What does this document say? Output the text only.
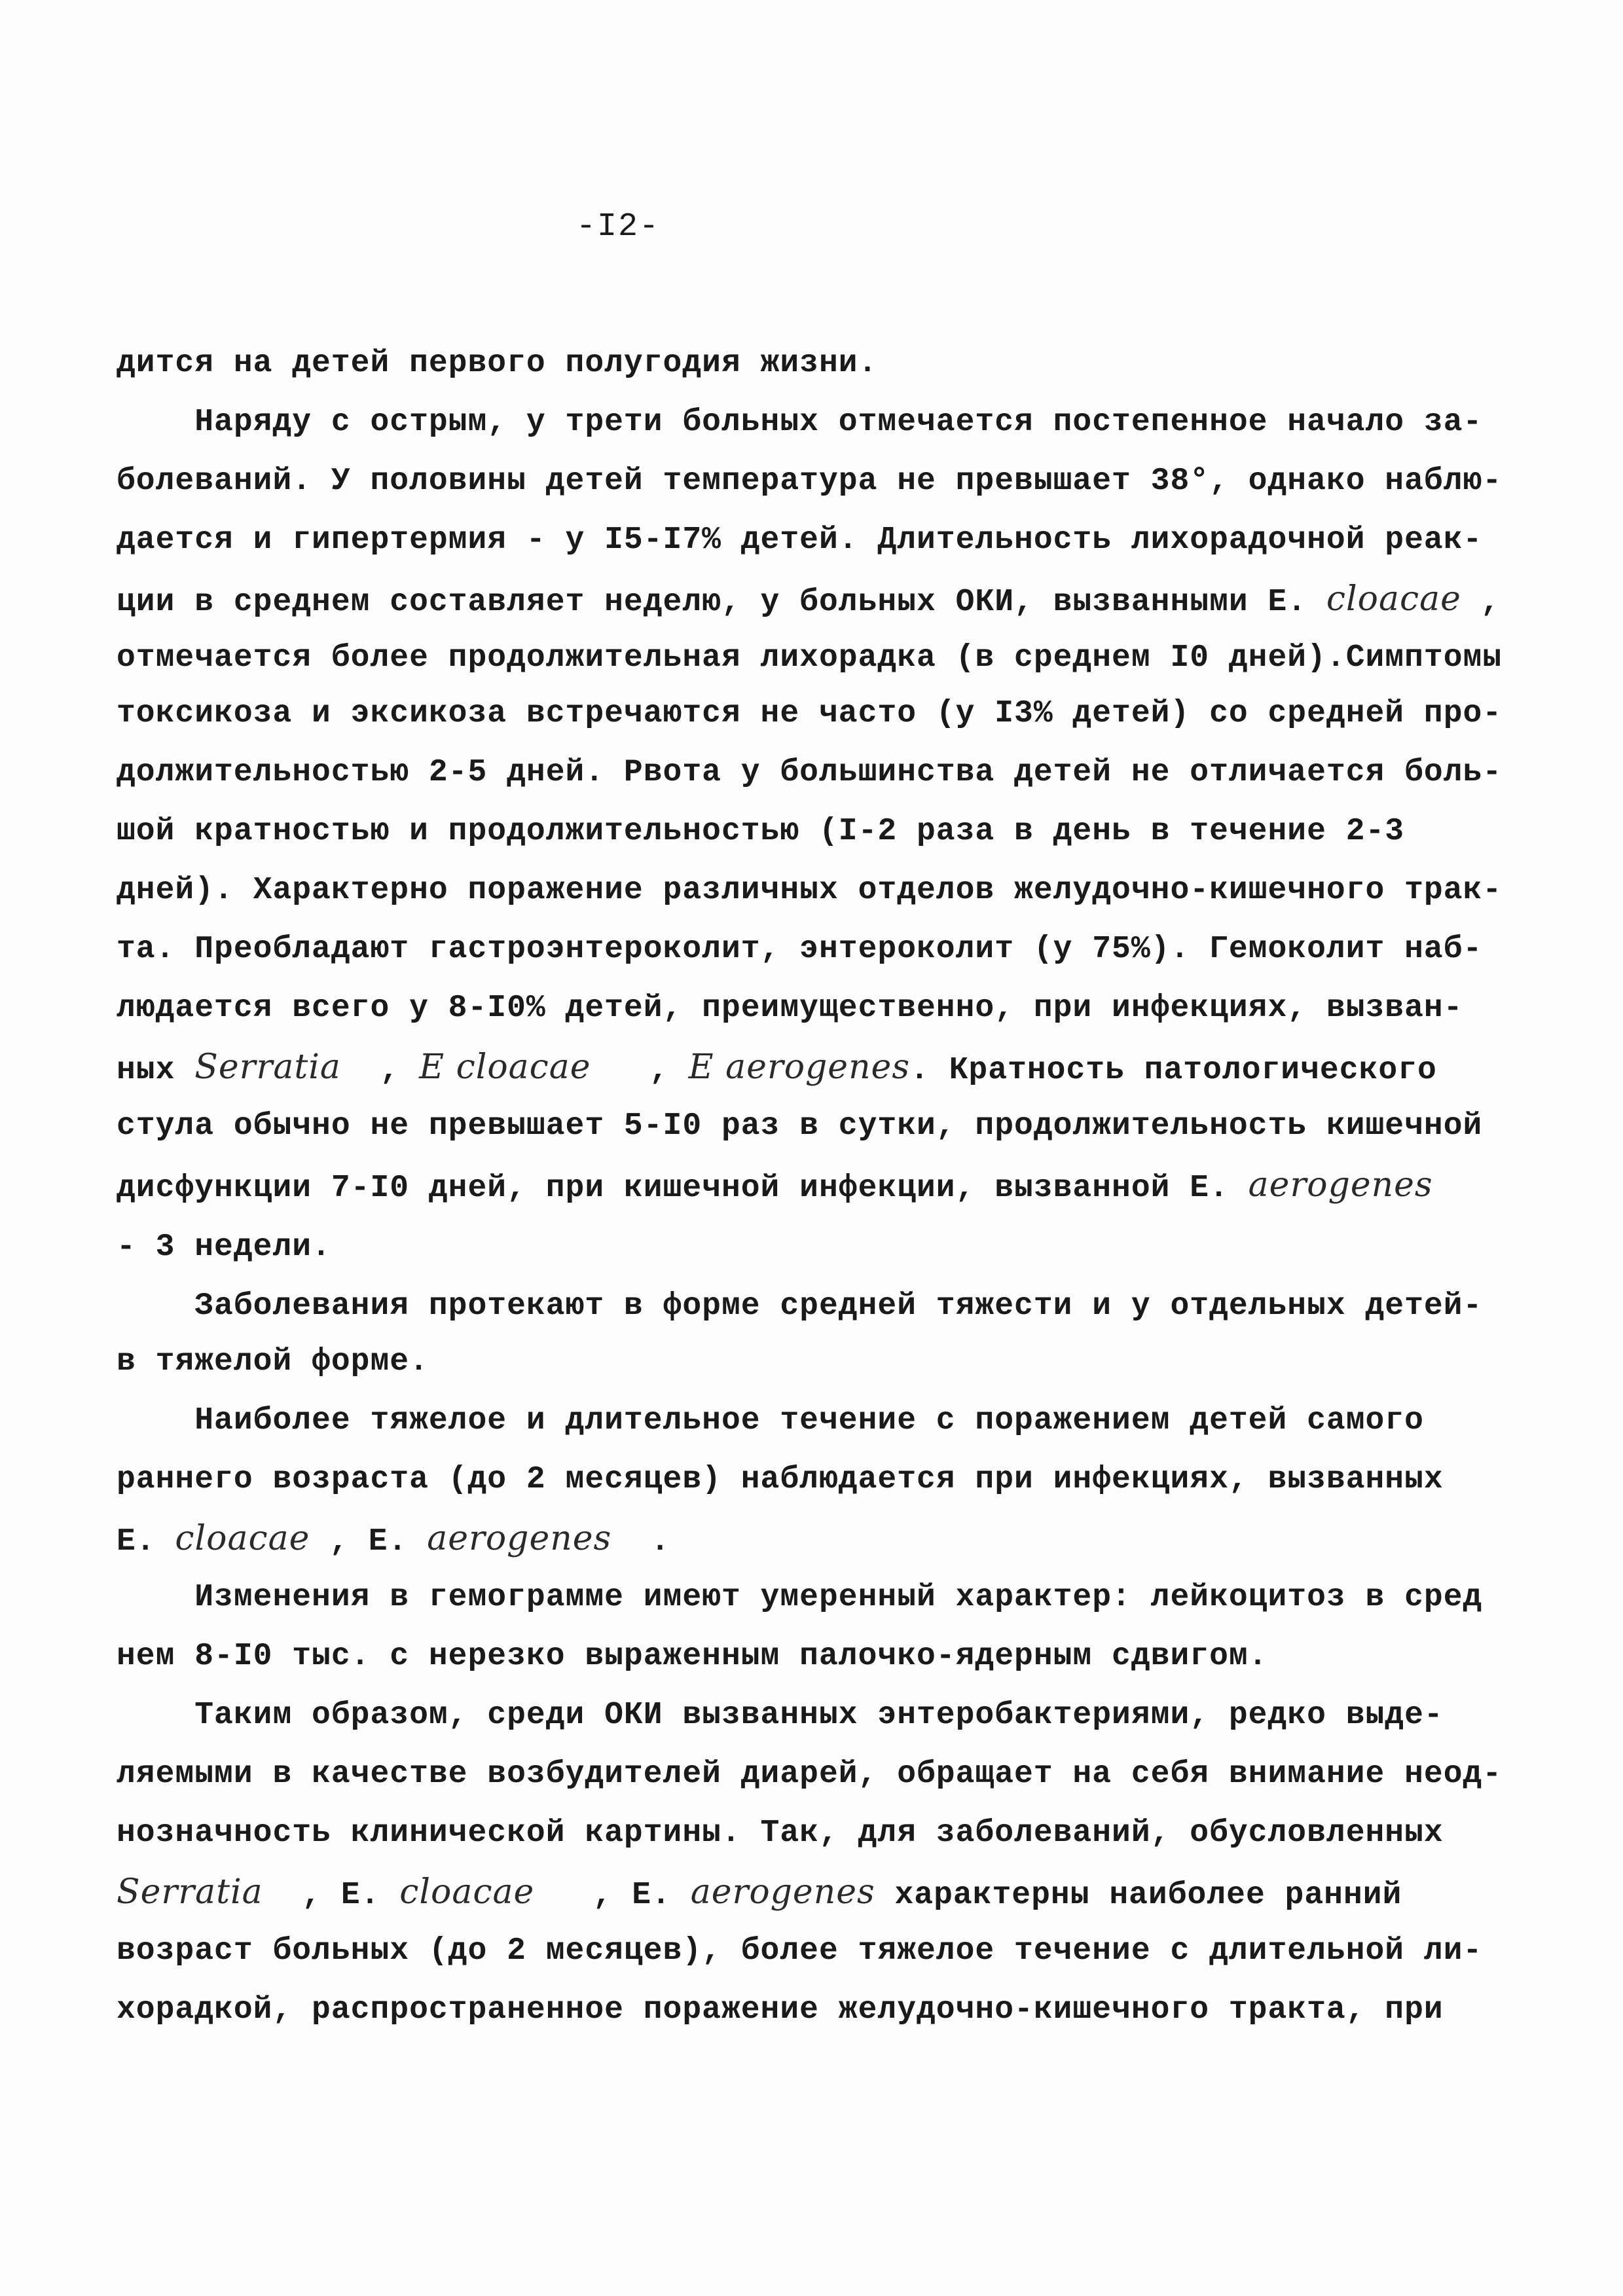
-I2-
дится на детей первого полугодия жизни.
Наряду с острым, у трети больных отмечается постепенное начало за-
болеваний. У половины детей температура не превышает 38°, однако наблю-
дается и гипертермия - у I5-I7% детей. Длительность лихорадочной реак-
ции в среднем составляет неделю, у больных ОКИ, вызванными E. cloacae ,
отмечается более продолжительная лихорадка (в среднем I0 дней).Симптомы
токсикоза и эксикоза встречаются не часто (у I3% детей) со средней про-
должительностью 2-5 дней. Рвота у большинства детей не отличается боль-
шой кратностью и продолжительностью (I-2 раза в день в течение 2-3
дней). Характерно поражение различных отделов желудочно-кишечного трак-
та. Преобладают гастроэнтероколит, энтероколит (у 75%). Гемоколит наб-
людается всего у 8-I0% детей, преимущественно, при инфекциях, вызван-
ных Serratia  , E cloacae   , E aerogenes. Кратность патологического
стула обычно не превышает 5-I0 раз в сутки, продолжительность кишечной
дисфункции 7-I0 дней, при кишечной инфекции, вызванной E. aerogenes
- 3 недели.
Заболевания протекают в форме средней тяжести и у отдельных детей-
в тяжелой форме.
Наиболее тяжелое и длительное течение с поражением детей самого
раннего возраста (до 2 месяцев) наблюдается при инфекциях, вызванных
E. cloacae , E. aerogenes  .
Изменения в гемограмме имеют умеренный характер: лейкоцитоз в сред
нем 8-I0 тыс. с нерезко выраженным палочко-ядерным сдвигом.
Таким образом, среди ОКИ вызванных энтеробактериями, редко выде-
ляемыми в качестве возбудителей диарей, обращает на себя внимание неод-
нозначность клинической картины. Так, для заболеваний, обусловленных
Serratia  , E. cloacae   , E. aerogenes характерны наиболее ранний
возраст больных (до 2 месяцев), более тяжелое течение с длительной ли-
хорадкой, распространенное поражение желудочно-кишечного тракта, при
